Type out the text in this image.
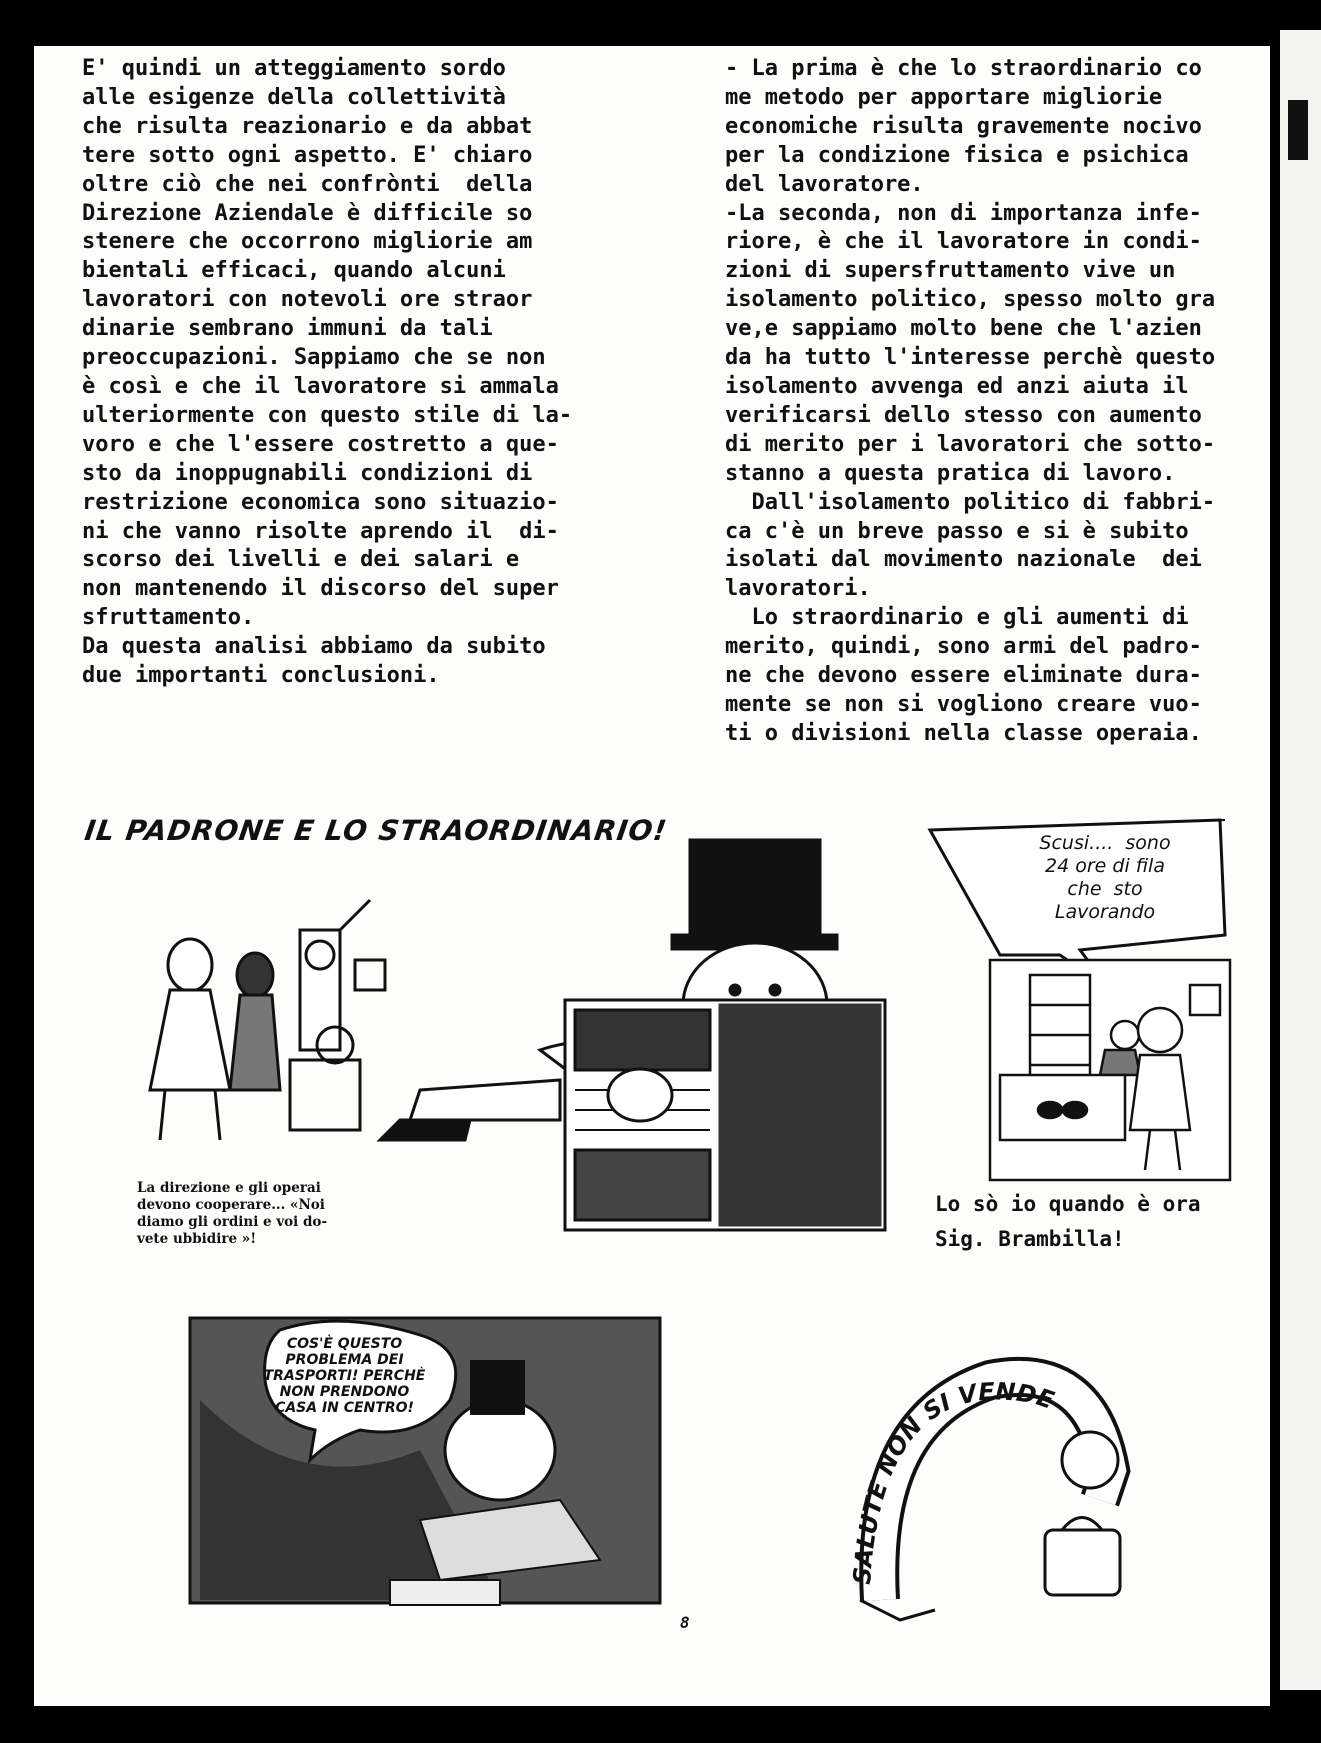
E' quindi un atteggiamento sordo

alle esigenze della collettività

che risulta reazionario e da abbat

tere sotto ogni aspetto. E' chiaro

oltre ciò che nei confrònti  della

Direzione Aziendale è difficile so

stenere che occorrono migliorie am

bientali efficaci, quando alcuni

lavoratori con notevoli ore straor

dinarie sembrano immuni da tali

preoccupazioni. Sappiamo che se non

è così e che il lavoratore si ammala

ulteriormente con questo stile di la-

voro e che l'essere costretto a que-

sto da inoppugnabili condizioni di

restrizione economica sono situazio-

ni che vanno risolte aprendo il  di-

scorso dei livelli e dei salari e

non mantenendo il discorso del super

sfruttamento.

Da questa analisi abbiamo da subito

due importanti conclusioni.

- La prima è che lo straordinario co

me metodo per apportare migliorie

economiche risulta gravemente nocivo

per la condizione fisica e psichica

del lavoratore.

-La seconda, non di importanza infe-

riore, è che il lavoratore in condi-

zioni di supersfruttamento vive un

isolamento politico, spesso molto gra

ve,e sappiamo molto bene che l'azien

da ha tutto l'interesse perchè questo

isolamento avvenga ed anzi aiuta il

verificarsi dello stesso con aumento

di merito per i lavoratori che sotto-

stanno a questa pratica di lavoro.

Dall'isolamento politico di fabbri-

ca c'è un breve passo e si è subito

isolati dal movimento nazionale  dei

lavoratori.

Lo straordinario e gli aumenti di

merito, quindi, sono armi del padro-

ne che devono essere eliminate dura-

mente se non si vogliono creare vuo-

ti o divisioni nella classe operaia.

IL PADRONE E LO STRAORDINARIO!

La direzione e gli operai

devono cooperare... «Noi

diamo gli ordini e voi do-

vete ubbidire »!

Scusi....  sono

24 ore di fila

che  sto

Lavorando

Lo sò io quando è ora

Sig. Brambilla!

COS'È QUESTO

PROBLEMA DEI

TRASPORTI! PERCHÈ

NON PRENDONO

CASA IN CENTRO!

SALUTE NON SI VENDE
8
